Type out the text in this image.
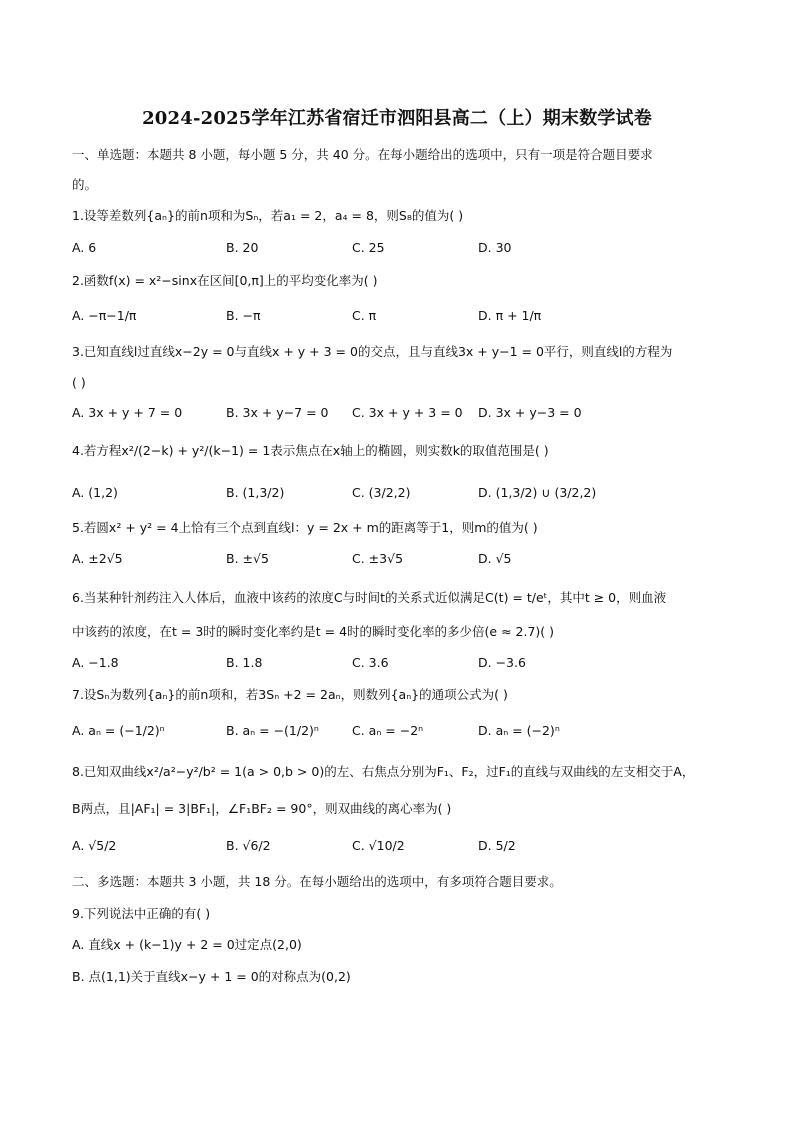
2024-2025学年江苏省宿迁市泗阳县高二（上）期末数学试卷
一、单选题：本题共 8 小题，每小题 5 分，共 40 分。在每小题给出的选项中，只有一项是符合题目要求
的。
1.设等差数列{aₙ}的前n项和为Sₙ，若a₁ = 2，a₄ = 8，则S₈的值为( )
A. 6	B. 20	C. 25	D. 30
2.函数f(x) = x²−sinx在区间[0,π]上的平均变化率为( )
A. −π−1/π	B. −π	C. π	D. π + 1/π
3.已知直线l过直线x−2y = 0与直线x + y + 3 = 0的交点，且与直线3x + y−1 = 0平行，则直线l的方程为
( )
A. 3x + y + 7 = 0	B. 3x + y−7 = 0 C. 3x + y + 3 = 0 D. 3x + y−3 = 0
4.若方程x²/(2−k) + y²/(k−1) = 1表示焦点在x轴上的椭圆，则实数k的取值范围是( )
A. (1,2)	B. (1,3/2)	C. (3/2,2)	D. (1,3/2) ∪ (3/2,2)
5.若圆x² + y² = 4上恰有三个点到直线l：y = 2x + m的距离等于1，则m的值为( )
A. ±2√5	B. ±√5	C. ±3√5	D. √5
6.当某种针剂药注入人体后，血液中该药的浓度C与时间t的关系式近似满足C(t) = t/eᵗ，其中t ≥ 0，则血液
中该药的浓度，在t = 3时的瞬时变化率约是t = 4时的瞬时变化率的多少倍(e ≈ 2.7)( )
A. −1.8	B. 1.8	C. 3.6	D. −3.6
7.设Sₙ为数列{aₙ}的前n项和，若3Sₙ +2 = 2aₙ，则数列{aₙ}的通项公式为( )
A. aₙ = (−1/2)ⁿ	B. aₙ = −(1/2)ⁿ	C. aₙ = −2ⁿ	D. aₙ = (−2)ⁿ
8.已知双曲线x²/a²−y²/b² = 1(a > 0,b > 0)的左、右焦点分别为F₁、F₂，过F₁的直线与双曲线的左支相交于A，
B两点，且|AF₁| = 3|BF₁|，∠F₁BF₂ = 90°，则双曲线的离心率为( )
A. √5/2	B. √6/2	C. √10/2	D. 5/2
二、多选题：本题共 3 小题，共 18 分。在每小题给出的选项中，有多项符合题目要求。
9.下列说法中正确的有( )
A. 直线x + (k−1)y + 2 = 0过定点(2,0)
B. 点(1,1)关于直线x−y + 1 = 0的对称点为(0,2)
